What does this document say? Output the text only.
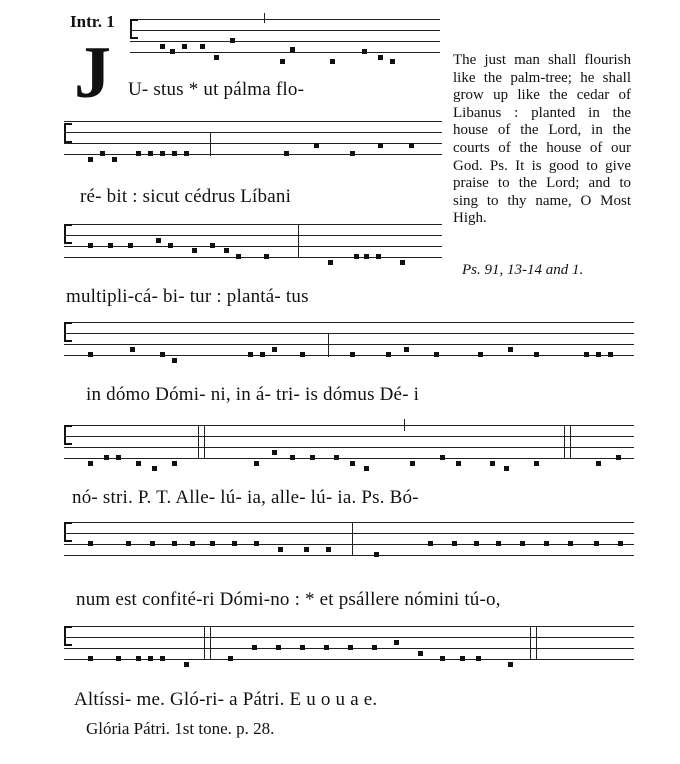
Intr. 1
J U- stus * ut pálma flo-
ré- bit : sicut cédrus Líbani
multipli-cá- bi- tur : plantá- tus
in dómo Dómi- ni, in á- tri- is dómus Dé- i
nó- stri. P. T. Alle- lú- ia, alle- lú- ia. Ps. Bó-
num est confité-ri Dómi-no : * et psállere nómini tú-o,
Altíssi- me. Gló-ri- a Pátri. E u o u a e.
The just man shall flourish like the palm-tree; he shall grow up like the cedar of Libanus : planted in the house of the Lord, in the courts of the house of our God. Ps. It is good to give praise to the Lord; and to sing to thy name, O Most High.
Ps. 91, 13-14 and 1.
Glória Pátri. 1st tone. p. 28.
